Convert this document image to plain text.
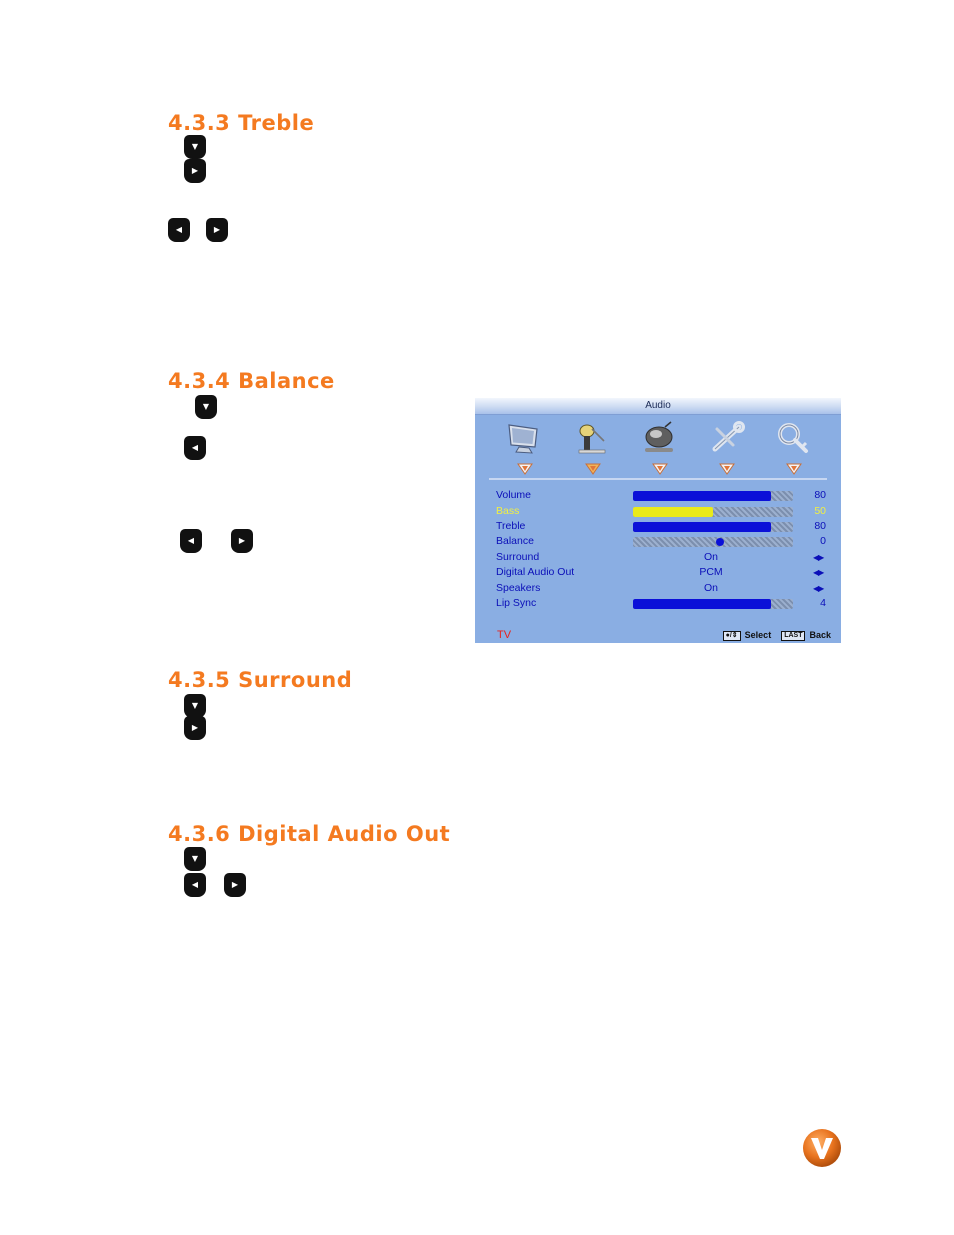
4.3.3 Treble
4.3.4 Balance
4.3.5 Surround
4.3.6 Digital Audio Out
▼
▶
◀	▶
▼
◀
◀	▶
▼
▶
▼
◀	▶
Audio
Volume	80
Bass	50
Treble	80
Balance	0
Surround	On	◀▶
Digital Audio Out	PCM	◀▶
Speakers	On	◀▶
Lip Sync	4
TV	●/⇕ Select	LAST Back
